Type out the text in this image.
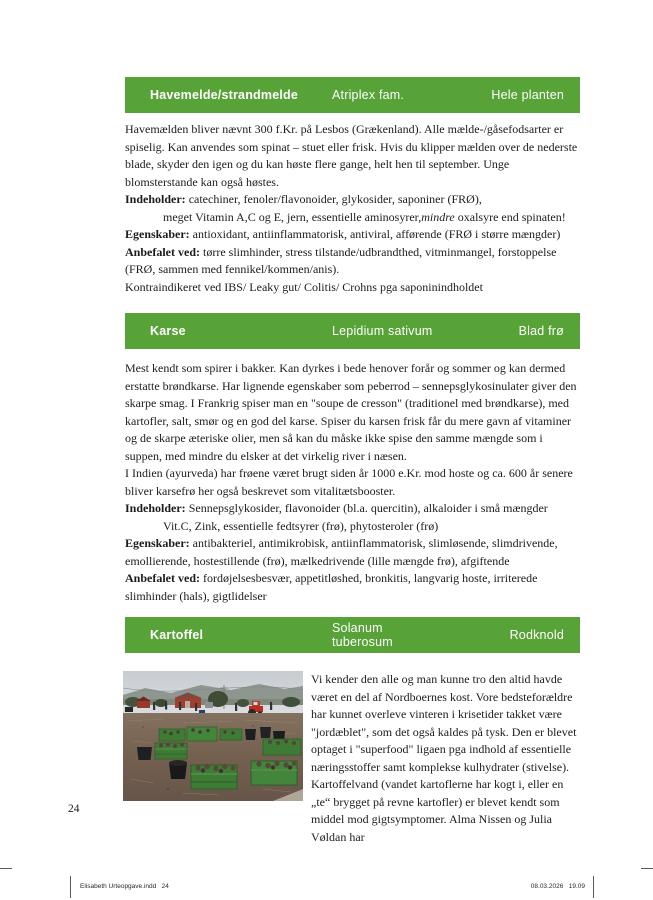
Havemelde/strandmelde	Atriplex fam.	Hele planten
Havemælden bliver nævnt 300 f.Kr. på Lesbos (Grækenland). Alle mælde-/gåsefodsarter er spiselig. Kan anvendes som spinat – stuet eller frisk. Hvis du klipper mælden over de nederste blade, skyder den igen og du kan høste flere gange, helt hen til september. Unge blomsterstande kan også høstes.
Indeholder: catechiner, fenoler/flavonoider, glykosider, saponiner (FRØ),
meget Vitamin A,C og E, jern, essentielle aminosyrer,mindre oxalsyre end spinaten!
Egenskaber: antioxidant, antiinflammatorisk, antiviral, afførende (FRØ i større mængder)
Anbefalet ved: tørre slimhinder, stress tilstande/udbrandthed, vitminmangel, forstoppelse (FRØ, sammen med fennikel/kommen/anis).
Kontraindikeret ved IBS/ Leaky gut/ Colitis/ Crohns pga saponinindholdet
Karse	Lepidium sativum	Blad frø
Mest kendt som spirer i bakker. Kan dyrkes i bede henover forår og sommer og kan dermed erstatte brøndkarse. Har lignende egenskaber som peberrod – sennepsglykosinulater giver den skarpe smag. I Frankrig spiser man en "soupe de cresson" (traditionel med brøndkarse), med kartofler, salt, smør og en god del karse. Spiser du karsen frisk får du mere gavn af vitaminer og de skarpe æteriske olier, men så kan du måske ikke spise den samme mængde som i suppen, med mindre du elsker at det virkelig river i næsen.
I Indien (ayurveda) har frøene været brugt siden år 1000 e.Kr. mod hoste og ca. 600 år senere bliver karsefrø her også beskrevet som vitalitætsbooster.
Indeholder: Sennepsglykosider, flavonoider (bl.a. quercitin), alkaloider i små mængder
Vit.C, Zink, essentielle fedtsyrer (frø), phytosteroler (frø)
Egenskaber: antibakteriel, antimikrobisk, antiinflammatorisk, slimløsende, slimdrivende, emollierende, hostestillende (frø), mælkedrivende (lille mængde frø), afgiftende
Anbefalet ved: fordøjelsesbesvær, appetitløshed, bronkitis, langvarig hoste, irriterede slimhinder (hals), gigtlidelser
Kartoffel	Solanum tuberosum	Rodknold
Vi kender den alle og man kunne tro den altid havde været en del af Nordboernes kost. Vore bedsteforældre har kunnet overleve vinteren i krisetider takket være "jordæblet", som det også kaldes på tysk. Den er blevet optaget i "superfood" ligaen pga indhold af essentielle næringsstoffer samt komplekse kulhydrater (stivelse). Kartoffelvand (vandet kartoflerne har kogt i, eller en „te“ brygget på revne kartofler) er blevet kendt som middel mod gigtsymptomer. Alma Nissen og Julia Vøldan har
24
Elisabeth Urteopgave.indd   24	08.03.2026   19.09
